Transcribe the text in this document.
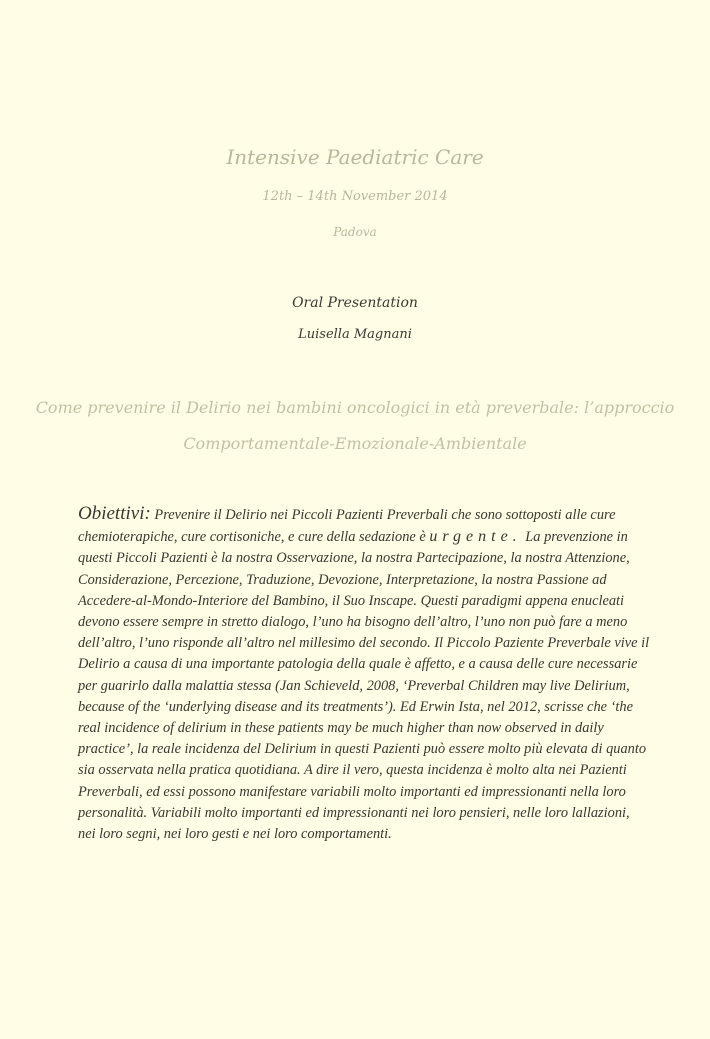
Intensive Paediatric Care
12th – 14th November 2014
Padova
Oral Presentation
Luisella Magnani
Come prevenire il Delirio nei bambini oncologici in età preverbale: l’approccio
Comportamentale-Emozionale-Ambientale
Obiettivi: Prevenire il Delirio nei Piccoli Pazienti Preverbali che sono sottoposti alle cure chemioterapiche, cure cortisoniche, e cure della sedazione è urgente. La prevenzione in questi Piccoli Pazienti è la nostra Osservazione, la nostra Partecipazione, la nostra Attenzione, Considerazione, Percezione, Traduzione, Devozione, Interpretazione, la nostra Passione ad Accedere-al-Mondo-Interiore del Bambino, il Suo Inscape. Questi paradigmi appena enucleati devono essere sempre in stretto dialogo, l’uno ha bisogno dell’altro, l’uno non può fare a meno dell’altro, l’uno risponde all’altro nel millesimo del secondo. Il Piccolo Paziente Preverbale vive il Delirio a causa di una importante patologia della quale è affetto, e a causa delle cure necessarie per guarirlo dalla malattia stessa (Jan Schieveld, 2008, ‘Preverbal Children may live Delirium, because of the ‘underlying disease and its treatments’). Ed Erwin Ista, nel 2012, scrisse che ‘the real incidence of delirium in these patients may be much higher than now observed in daily practice’, la reale incidenza del Delirium in questi Pazienti può essere molto più elevata di quanto sia osservata nella pratica quotidiana. A dire il vero, questa incidenza è molto alta nei Pazienti Preverbali, ed essi possono manifestare variabili molto importanti ed impressionanti nella loro personalità. Variabili molto importanti ed impressionanti nei loro pensieri, nelle loro lallazioni, nei loro segni, nei loro gesti e nei loro comportamenti.
